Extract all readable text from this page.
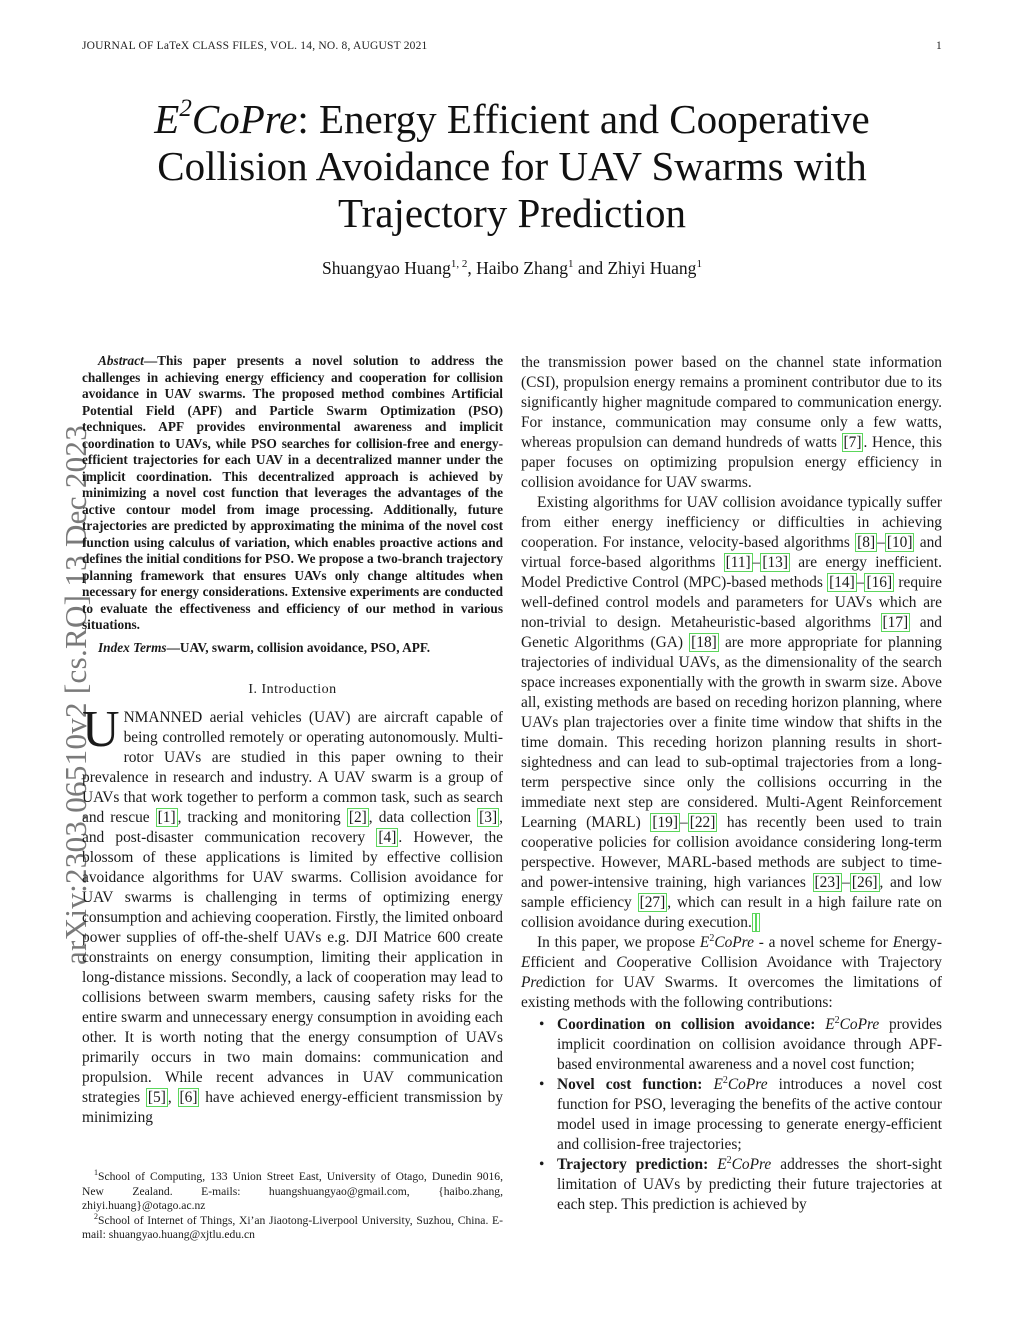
JOURNAL OF LaTeX CLASS FILES, VOL. 14, NO. 8, AUGUST 2021	1
arXiv:2303.06510v2 [cs.RO] 13 Dec 2023
$E^2CoPre$: Energy Efficient and Cooperative Collision Avoidance for UAV Swarms with Trajectory Prediction
Shuangyao Huang$^{1, 2}$, Haibo Zhang$^1$ and Zhiyi Huang$^1$

Abstract—This paper presents a novel solution to address the challenges in achieving energy efficiency and cooperation for collision avoidance in UAV swarms. The proposed method combines Artificial Potential Field (APF) and Particle Swarm Optimization (PSO) techniques. APF provides environmental awareness and implicit coordination to UAVs, while PSO searches for collision-free and energy-efficient trajectories for each UAV in a decentralized manner under the implicit coordination. This decentralized approach is achieved by minimizing a novel cost function that leverages the advantages of the active contour model from image processing. Additionally, future trajectories are predicted by approximating the minima of the novel cost function using calculus of variation, which enables proactive actions and defines the initial conditions for PSO. We propose a two-branch trajectory planning framework that ensures UAVs only change altitudes when necessary for energy considerations. Extensive experiments are conducted to evaluate the effectiveness and efficiency of our method in various situations.

Index Terms—UAV, swarm, collision avoidance, PSO, APF.

I. Introduction

UNMANNED aerial vehicles (UAV) are aircraft capable of being controlled remotely or operating autonomously. Multi-rotor UAVs are studied in this paper owning to their prevalence in research and industry. A UAV swarm is a group of UAVs that work together to perform a common task, such as search and rescue [1] , tracking and monitoring [2] , data collection [3] , and post-disaster communication recovery [4] . However, the blossom of these applications is limited by effective collision avoidance algorithms for UAV swarms. Collision avoidance for UAV swarms is challenging in terms of optimizing energy consumption and achieving cooperation. Firstly, the limited onboard power supplies of off-the-shelf UAVs e.g. DJI Matrice 600 create constraints on energy consumption, limiting their application in long-distance missions. Secondly, a lack of cooperation may lead to collisions between swarm members, causing safety risks for the entire swarm and unnecessary energy consumption in avoiding each other. It is worth noting that the energy consumption of UAVs primarily occurs in two main domains: communication and propulsion. While recent advances in UAV communication strategies [5] , [6] have achieved energy-efficient transmission by minimizing

$^1$School of Computing, 133 Union Street East, University of Otago, Dunedin 9016, New Zealand. E-mails: huangshuangyao@gmail.com, {haibo.zhang, zhiyi.huang}@otago.ac.nz

$^2$School of Internet of Things, Xi’an Jiaotong-Liverpool University, Suzhou, China. E-mail: shuangyao.huang@xjtlu.edu.cn

the transmission power based on the channel state information (CSI), propulsion energy remains a prominent contributor due to its significantly higher magnitude compared to communication energy. For instance, communication may consume only a few watts, whereas propulsion can demand hundreds of watts [7] . Hence, this paper focuses on optimizing propulsion energy efficiency in collision avoidance for UAV swarms.

Existing algorithms for UAV collision avoidance typically suffer from either energy inefficiency or difficulties in achieving cooperation. For instance, velocity-based algorithms [8] – [10] and virtual force-based algorithms [11] – [13] are energy inefficient. Model Predictive Control (MPC)-based methods [14] – [16] require well-defined control models and parameters for UAVs which are non-trivial to design. Metaheuristic-based algorithms [17] and Genetic Algorithms (GA) [18] are more appropriate for planning trajectories of individual UAVs, as the dimensionality of the search space increases exponentially with the growth in swarm size. Above all, existing methods are based on receding horizon planning, where UAVs plan trajectories over a finite time window that shifts in the time domain. This receding horizon planning results in short-sightedness and can lead to sub-optimal trajectories from a long-term perspective since only the collisions occurring in the immediate next step are considered. Multi-Agent Reinforcement Learning (MARL) [19] – [22] has recently been used to train cooperative policies for collision avoidance considering long-term perspective. However, MARL-based methods are subject to time- and power-intensive training, high variances [23] – [26] , and low sample efficiency [27] , which can result in a high failure rate on collision avoidance during execution.

In this paper, we propose $E^2CoPre$ - a novel scheme for Energy-Efficient and Cooperative Collision Avoidance with Trajectory Prediction for UAV Swarms. It overcomes the limitations of existing methods with the following contributions:

• Coordination on collision avoidance: $E^2CoPre$ provides implicit coordination on collision avoidance through APF-based environmental awareness and a novel cost function;
• Novel cost function: $E^2CoPre$ introduces a novel cost function for PSO, leveraging the benefits of the active contour model used in image processing to generate energy-efficient and collision-free trajectories;
• Trajectory prediction: $E^2CoPre$ addresses the short-sight limitation of UAVs by predicting their future trajectories at each step. This prediction is achieved by
